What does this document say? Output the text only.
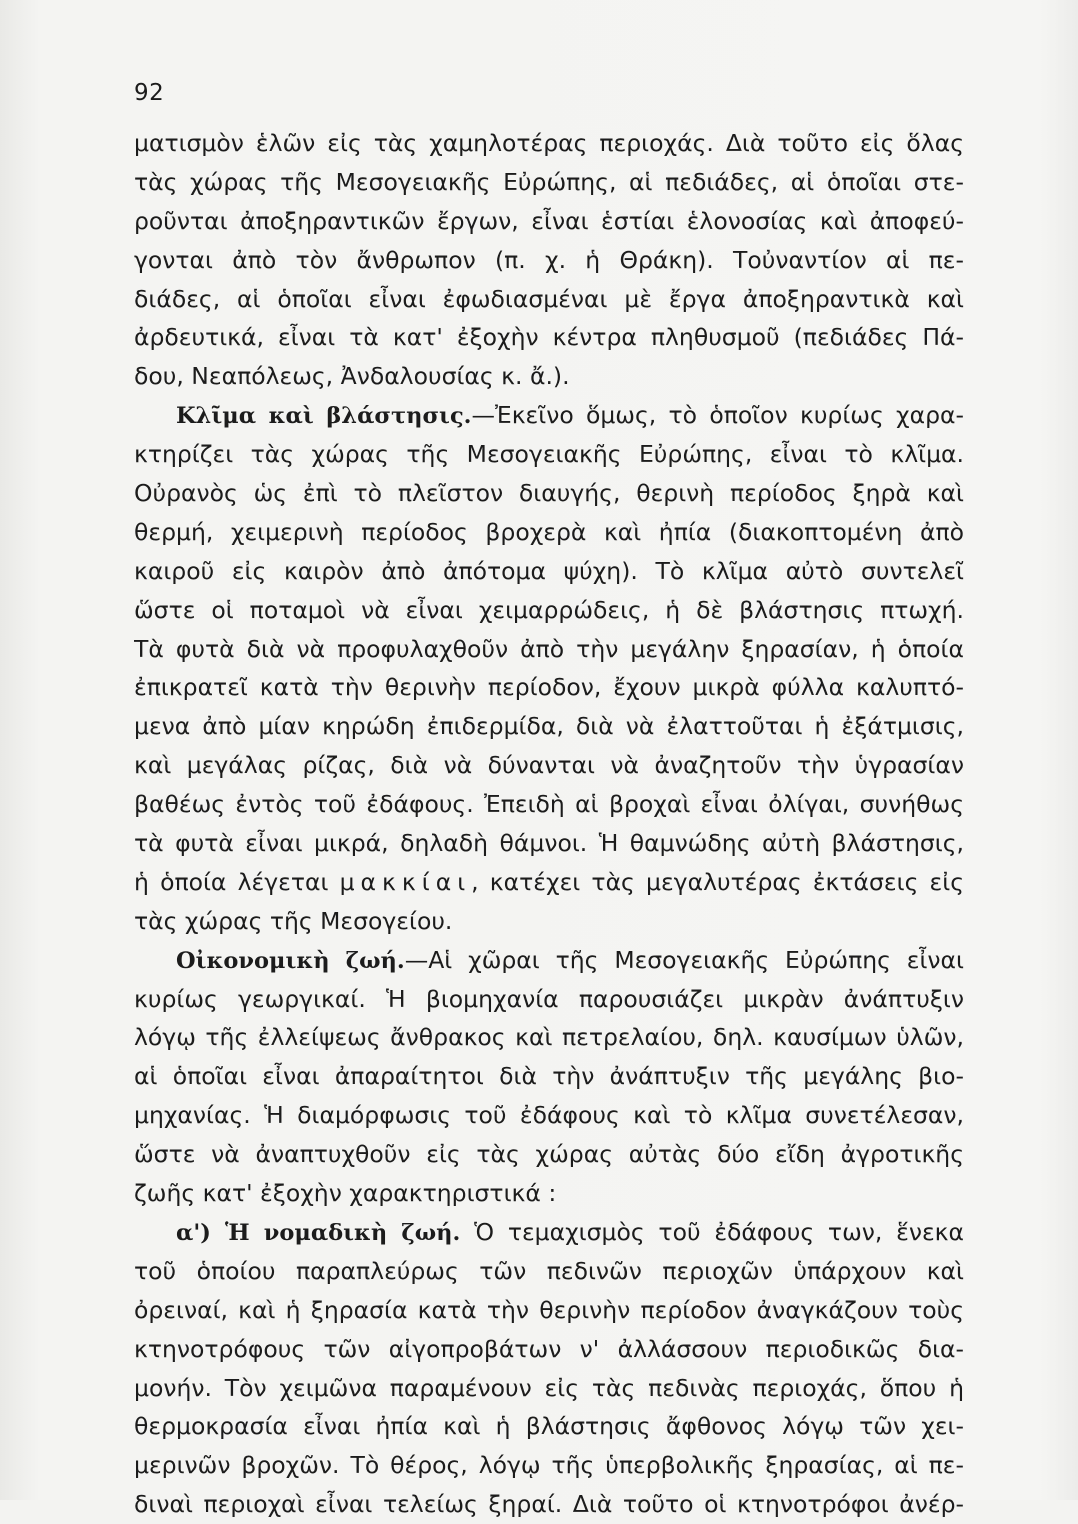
92
ματισμὸν ἑλῶν εἰς τὰς χαμηλοτέρας περιοχάς. Διὰ τοῦτο εἰς ὅλας
τὰς χώρας τῆς Μεσογειακῆς Εὐρώπης, αἱ πεδιάδες, αἱ ὁποῖαι στε-
ροῦνται ἀποξηραντικῶν ἔργων, εἶναι ἑστίαι ἑλονοσίας καὶ ἀποφεύ-
γονται ἀπὸ τὸν ἄνθρωπον (π. χ. ἡ Θράκη). Τοὐναντίον αἱ πε-
διάδες, αἱ ὁποῖαι εἶναι ἐφωδιασμέναι μὲ ἔργα ἀποξηραντικὰ καὶ
ἀρδευτικά, εἶναι τὰ κατ' ἐξοχὴν κέντρα πληθυσμοῦ (πεδιάδες Πά-
δου, Νεαπόλεως, Ἀνδαλουσίας κ. ἄ.).
Κλῖμα καὶ βλάστησις.—Ἐκεῖνο ὅμως, τὸ ὁποῖον κυρίως χαρα-
κτηρίζει τὰς χώρας τῆς Μεσογειακῆς Εὐρώπης, εἶναι τὸ κλῖμα.
Οὐρανὸς ὡς ἐπὶ τὸ πλεῖστον διαυγής, θερινὴ περίοδος ξηρὰ καὶ
θερμή, χειμερινὴ περίοδος βροχερὰ καὶ ἠπία (διακοπτομένη ἀπὸ
καιροῦ εἰς καιρὸν ἀπὸ ἀπότομα ψύχη). Τὸ κλῖμα αὐτὸ συντελεῖ
ὥστε οἱ ποταμοὶ νὰ εἶναι χειμαρρώδεις, ἡ δὲ βλάστησις πτωχή.
Τὰ φυτὰ διὰ νὰ προφυλαχθοῦν ἀπὸ τὴν μεγάλην ξηρασίαν, ἡ ὁποία
ἐπικρατεῖ κατὰ τὴν θερινὴν περίοδον, ἔχουν μικρὰ φύλλα καλυπτό-
μενα ἀπὸ μίαν κηρώδη ἐπιδερμίδα, διὰ νὰ ἐλαττοῦται ἡ ἐξάτμισις,
καὶ μεγάλας ρίζας, διὰ νὰ δύνανται νὰ ἀναζητοῦν τὴν ὑγρασίαν
βαθέως ἐντὸς τοῦ ἐδάφους. Ἐπειδὴ αἱ βροχαὶ εἶναι ὀλίγαι, συνήθως
τὰ φυτὰ εἶναι μικρά, δηλαδὴ θάμνοι. Ἡ θαμνώδης αὐτὴ βλάστησις,
ἡ ὁποία λέγεται μακκίαι, κατέχει τὰς μεγαλυτέρας ἐκτάσεις εἰς
τὰς χώρας τῆς Μεσογείου.
Οἰκονομικὴ ζωή.—Αἱ χῶραι τῆς Μεσογειακῆς Εὐρώπης εἶναι
κυρίως γεωργικαί. Ἡ βιομηχανία παρουσιάζει μικρὰν ἀνάπτυξιν
λόγῳ τῆς ἐλλείψεως ἄνθρακος καὶ πετρελαίου, δηλ. καυσίμων ὑλῶν,
αἱ ὁποῖαι εἶναι ἀπαραίτητοι διὰ τὴν ἀνάπτυξιν τῆς μεγάλης βιο-
μηχανίας. Ἡ διαμόρφωσις τοῦ ἐδάφους καὶ τὸ κλῖμα συνετέλεσαν,
ὥστε νὰ ἀναπτυχθοῦν εἰς τὰς χώρας αὐτὰς δύο εἴδη ἀγροτικῆς
ζωῆς κατ' ἐξοχὴν χαρακτηριστικά :
α') Ἡ νομαδικὴ ζωή. Ὁ τεμαχισμὸς τοῦ ἐδάφους των, ἕνεκα
τοῦ ὁποίου παραπλεύρως τῶν πεδινῶν περιοχῶν ὑπάρχουν καὶ
ὀρειναί, καὶ ἡ ξηρασία κατὰ τὴν θερινὴν περίοδον ἀναγκάζουν τοὺς
κτηνοτρόφους τῶν αἰγοπροβάτων ν' ἀλλάσσουν περιοδικῶς δια-
μονήν. Τὸν χειμῶνα παραμένουν εἰς τὰς πεδινὰς περιοχάς, ὅπου ἡ
θερμοκρασία εἶναι ἠπία καὶ ἡ βλάστησις ἄφθονος λόγῳ τῶν χει-
μερινῶν βροχῶν. Τὸ θέρος, λόγῳ τῆς ὑπερβολικῆς ξηρασίας, αἱ πε-
διναὶ περιοχαὶ εἶναι τελείως ξηραί. Διὰ τοῦτο οἱ κτηνοτρόφοι ἀνέρ-
